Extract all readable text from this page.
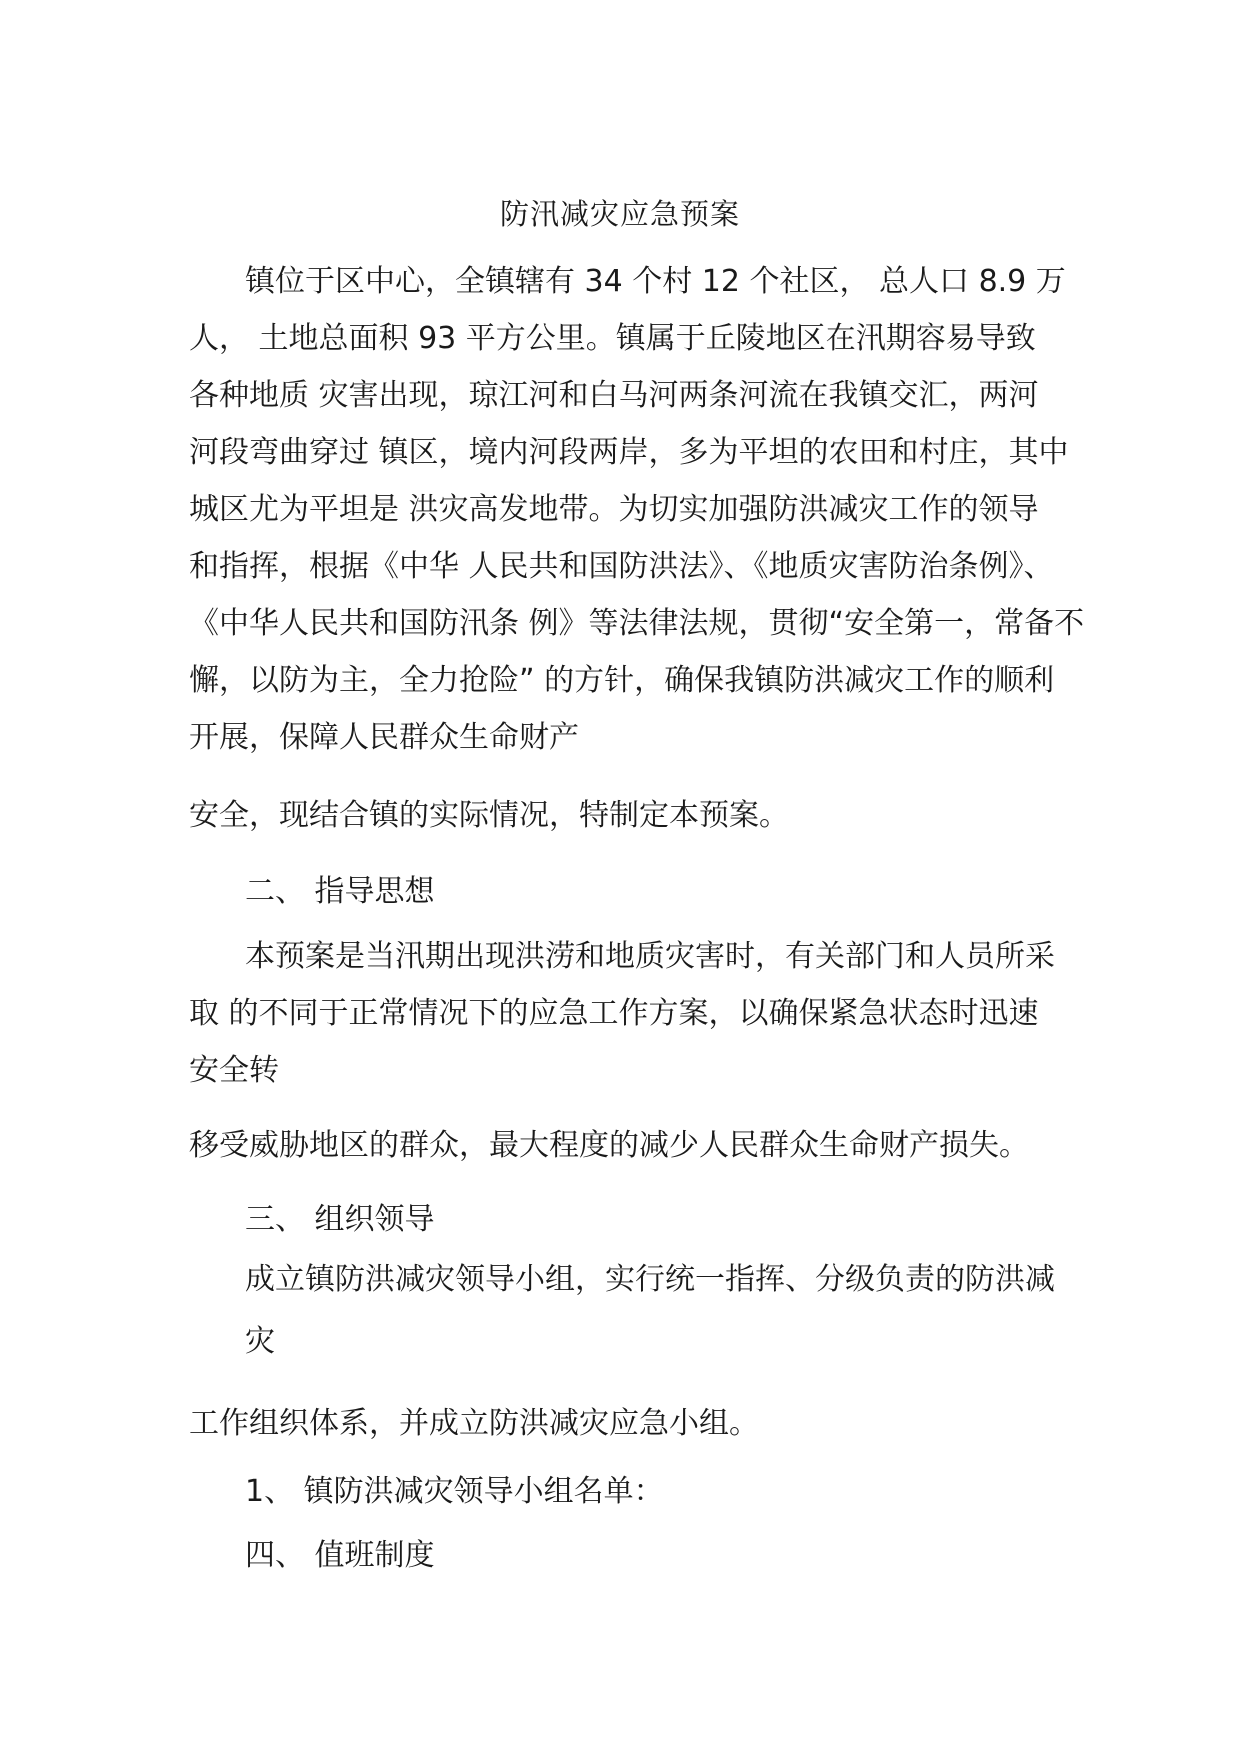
防汛减灾应急预案
镇位于区中心，全镇辖有 34 个村 12 个社区， 总人口 8.9 万
人， 土地总面积 93 平方公里。镇属于丘陵地区在汛期容易导致
各种地质 灾害出现，琼江河和白马河两条河流在我镇交汇，两河
河段弯曲穿过 镇区，境内河段两岸，多为平坦的农田和村庄，其中
城区尤为平坦是 洪灾高发地带。为切实加强防洪减灾工作的领导
和指挥，根据《中华 人民共和国防洪法》、《地质灾害防治条例》、
《中华人民共和国防汛条 例》等法律法规，贯彻“安全第一，常备不
懈，以防为主，全力抢险” 的方针，确保我镇防洪减灾工作的顺利
开展，保障人民群众生命财产
安全，现结合镇的实际情况，特制定本预案。
二、 指导思想
本预案是当汛期出现洪涝和地质灾害时，有关部门和人员所采
取 的不同于正常情况下的应急工作方案，以确保紧急状态时迅速
安全转
移受威胁地区的群众，最大程度的减少人民群众生命财产损失。
三、 组织领导
成立镇防洪减灾领导小组，实行统一指挥、分级负责的防洪减
灾
工作组织体系，并成立防洪减灾应急小组。
1、 镇防洪减灾领导小组名单：
四、 值班制度
